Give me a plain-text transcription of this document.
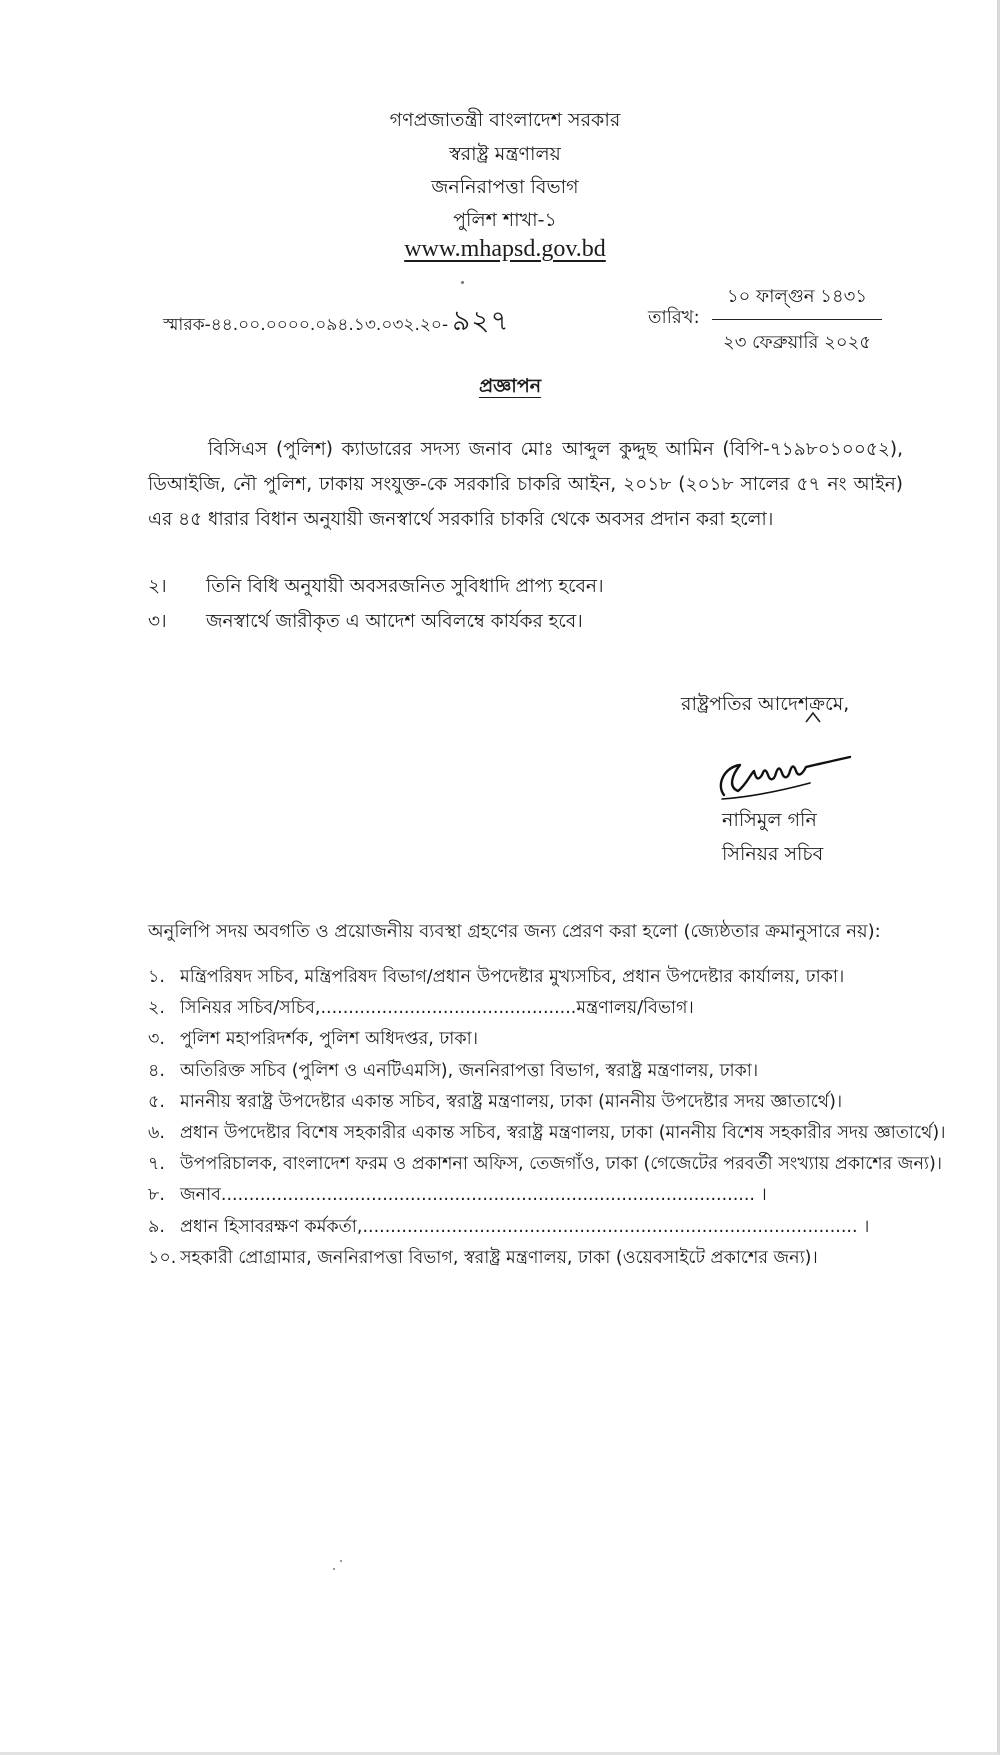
গণপ্রজাতন্ত্রী বাংলাদেশ সরকার
স্বরাষ্ট্র মন্ত্রণালয়
জননিরাপত্তা বিভাগ
পুলিশ শাখা-১
www.mhapsd.gov.bd
স্মারক-৪৪.০০.০০০০.০৯৪.১৩.০৩২.২০- ৯২৭	তারিখ:
১০ ফাল্গুন ১৪৩১
২৩ ফেব্রুয়ারি ২০২৫
প্রজ্ঞাপন
বিসিএস (পুলিশ) ক্যাডারের সদস্য জনাব মোঃ আব্দুল কুদ্দুছ আমিন (বিপি-৭১৯৮০১০০৫২), ডিআইজি, নৌ পুলিশ, ঢাকায় সংযুক্ত-কে সরকারি চাকরি আইন, ২০১৮ (২০১৮ সালের ৫৭ নং আইন) এর ৪৫ ধারার বিধান অনুযায়ী জনস্বার্থে সরকারি চাকরি থেকে অবসর প্রদান করা হলো।
২। তিনি বিধি অনুযায়ী অবসরজনিত সুবিধাদি প্রাপ্য হবেন।
৩। জনস্বার্থে জারীকৃত এ আদেশ অবিলম্বে কার্যকর হবে।
রাষ্ট্রপতির আদেশক্রমে,
নাসিমুল গনি
সিনিয়র সচিব
অনুলিপি সদয় অবগতি ও প্রয়োজনীয় ব্যবস্থা গ্রহণের জন্য প্রেরণ করা হলো (জ্যেষ্ঠতার ক্রমানুসারে নয়):
১. মন্ত্রিপরিষদ সচিব, মন্ত্রিপরিষদ বিভাগ/প্রধান উপদেষ্টার মুখ্যসচিব, প্রধান উপদেষ্টার কার্যালয়, ঢাকা।
২. সিনিয়র সচিব/সচিব,..............................................মন্ত্রণালয়/বিভাগ।
৩. পুলিশ মহাপরিদর্শক, পুলিশ অধিদপ্তর, ঢাকা।
৪. অতিরিক্ত সচিব (পুলিশ ও এনটিএমসি), জননিরাপত্তা বিভাগ, স্বরাষ্ট্র মন্ত্রণালয়, ঢাকা।
৫. মাননীয় স্বরাষ্ট্র উপদেষ্টার একান্ত সচিব, স্বরাষ্ট্র মন্ত্রণালয়, ঢাকা (মাননীয় উপদেষ্টার সদয় জ্ঞাতার্থে)।
৬. প্রধান উপদেষ্টার বিশেষ সহকারীর একান্ত সচিব, স্বরাষ্ট্র মন্ত্রণালয়, ঢাকা (মাননীয় বিশেষ সহকারীর সদয় জ্ঞাতার্থে)।
৭. উপপরিচালক, বাংলাদেশ ফরম ও প্রকাশনা অফিস, তেজগাঁও, ঢাকা (গেজেটের পরবর্তী সংখ্যায় প্রকাশের জন্য)।
৮. জনাব................................................................................................ ।
৯. প্রধান হিসাবরক্ষণ কর্মকর্তা,......................................................................................... ।
১০. সহকারী প্রোগ্রামার, জননিরাপত্তা বিভাগ, স্বরাষ্ট্র মন্ত্রণালয়, ঢাকা (ওয়েবসাইটে প্রকাশের জন্য)।
